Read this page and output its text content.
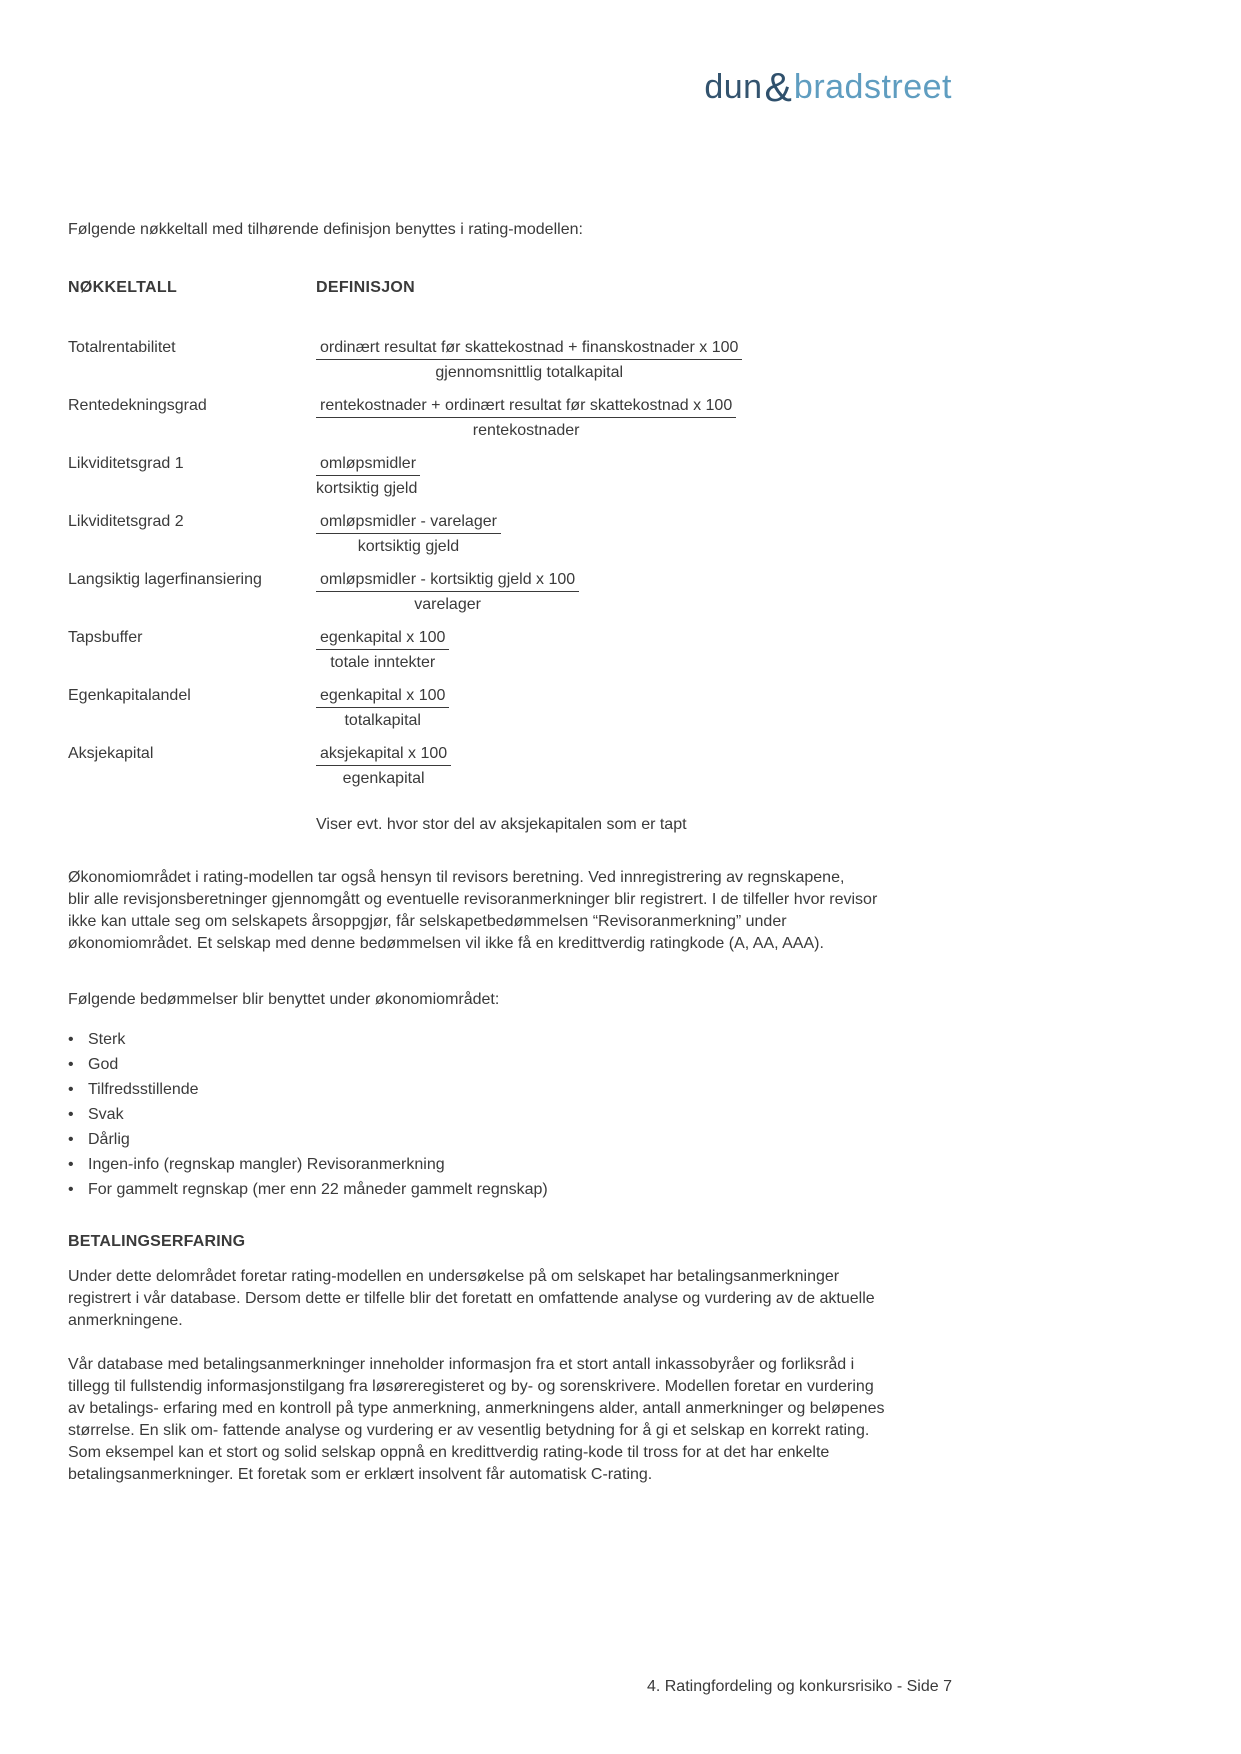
dun&bradstreet

Følgende nøkkeltall med tilhørende definisjon benyttes i rating-modellen:

NØKKELTALL	DEFINISJON
Totalrentabilitet	$\frac{\text{ordinært resultat før skattekostnad + finanskostnader x 100}}{\text{gjennomsnittlig totalkapital}}$
Rentedekningsgrad	$\frac{\text{rentekostnader + ordinært resultat før skattekostnad x 100}}{\text{rentekostnader}}$
Likviditetsgrad 1	$\frac{\text{omløpsmidler}}{\text{kortsiktig gjeld}}$
Likviditetsgrad 2	$\frac{\text{omløpsmidler - varelager}}{\text{kortsiktig gjeld}}$
Langsiktig lagerfinansiering	$\frac{\text{omløpsmidler - kortsiktig gjeld x 100}}{\text{varelager}}$
Tapsbuffer	$\frac{\text{egenkapital x 100}}{\text{totale inntekter}}$
Egenkapitalandel	$\frac{\text{egenkapital x 100}}{\text{totalkapital}}$
Aksjekapital	$\frac{\text{aksjekapital x 100}}{\text{egenkapital}}$
Viser evt. hvor stor del av aksjekapitalen som er tapt
Økonomiområdet i rating-modellen tar også hensyn til revisors beretning. Ved innregistrering av regnskapene,
blir alle revisjonsberetninger gjennomgått og eventuelle revisoranmerkninger blir registrert. I de tilfeller hvor revisor
ikke kan uttale seg om selskapets årsoppgjør, får selskapetbedømmelsen “Revisoranmerkning” under
økonomiområdet. Et selskap med denne bedømmelsen vil ikke få en kredittverdig ratingkode (A, AA, AAA).

Følgende bedømmelser blir benyttet under økonomiområdet:

• Sterk
• God
• Tilfredsstillende
• Svak
• Dårlig
• Ingen-info (regnskap mangler) Revisoranmerkning
• For gammelt regnskap (mer enn 22 måneder gammelt regnskap)
BETALINGSERFARING
Under dette delområdet foretar rating-modellen en undersøkelse på om selskapet har betalingsanmerkninger
registrert i vår database. Dersom dette er tilfelle blir det foretatt en omfattende analyse og vurdering av de aktuelle
anmerkningene.
Vår database med betalingsanmerkninger inneholder informasjon fra et stort antall inkassobyråer og forliksråd i
tillegg til fullstendig informasjonstilgang fra løsøreregisteret og by- og sorenskrivere. Modellen foretar en vurdering
av betalings- erfaring med en kontroll på type anmerkning, anmerkningens alder, antall anmerkninger og beløpenes
størrelse. En slik om- fattende analyse og vurdering er av vesentlig betydning for å gi et selskap en korrekt rating.
Som eksempel kan et stort og solid selskap oppnå en kredittverdig rating-kode til tross for at det har enkelte
betalingsanmerkninger. Et foretak som er erklært insolvent får automatisk C-rating.
4. Ratingfordeling og konkursrisiko - Side 7
